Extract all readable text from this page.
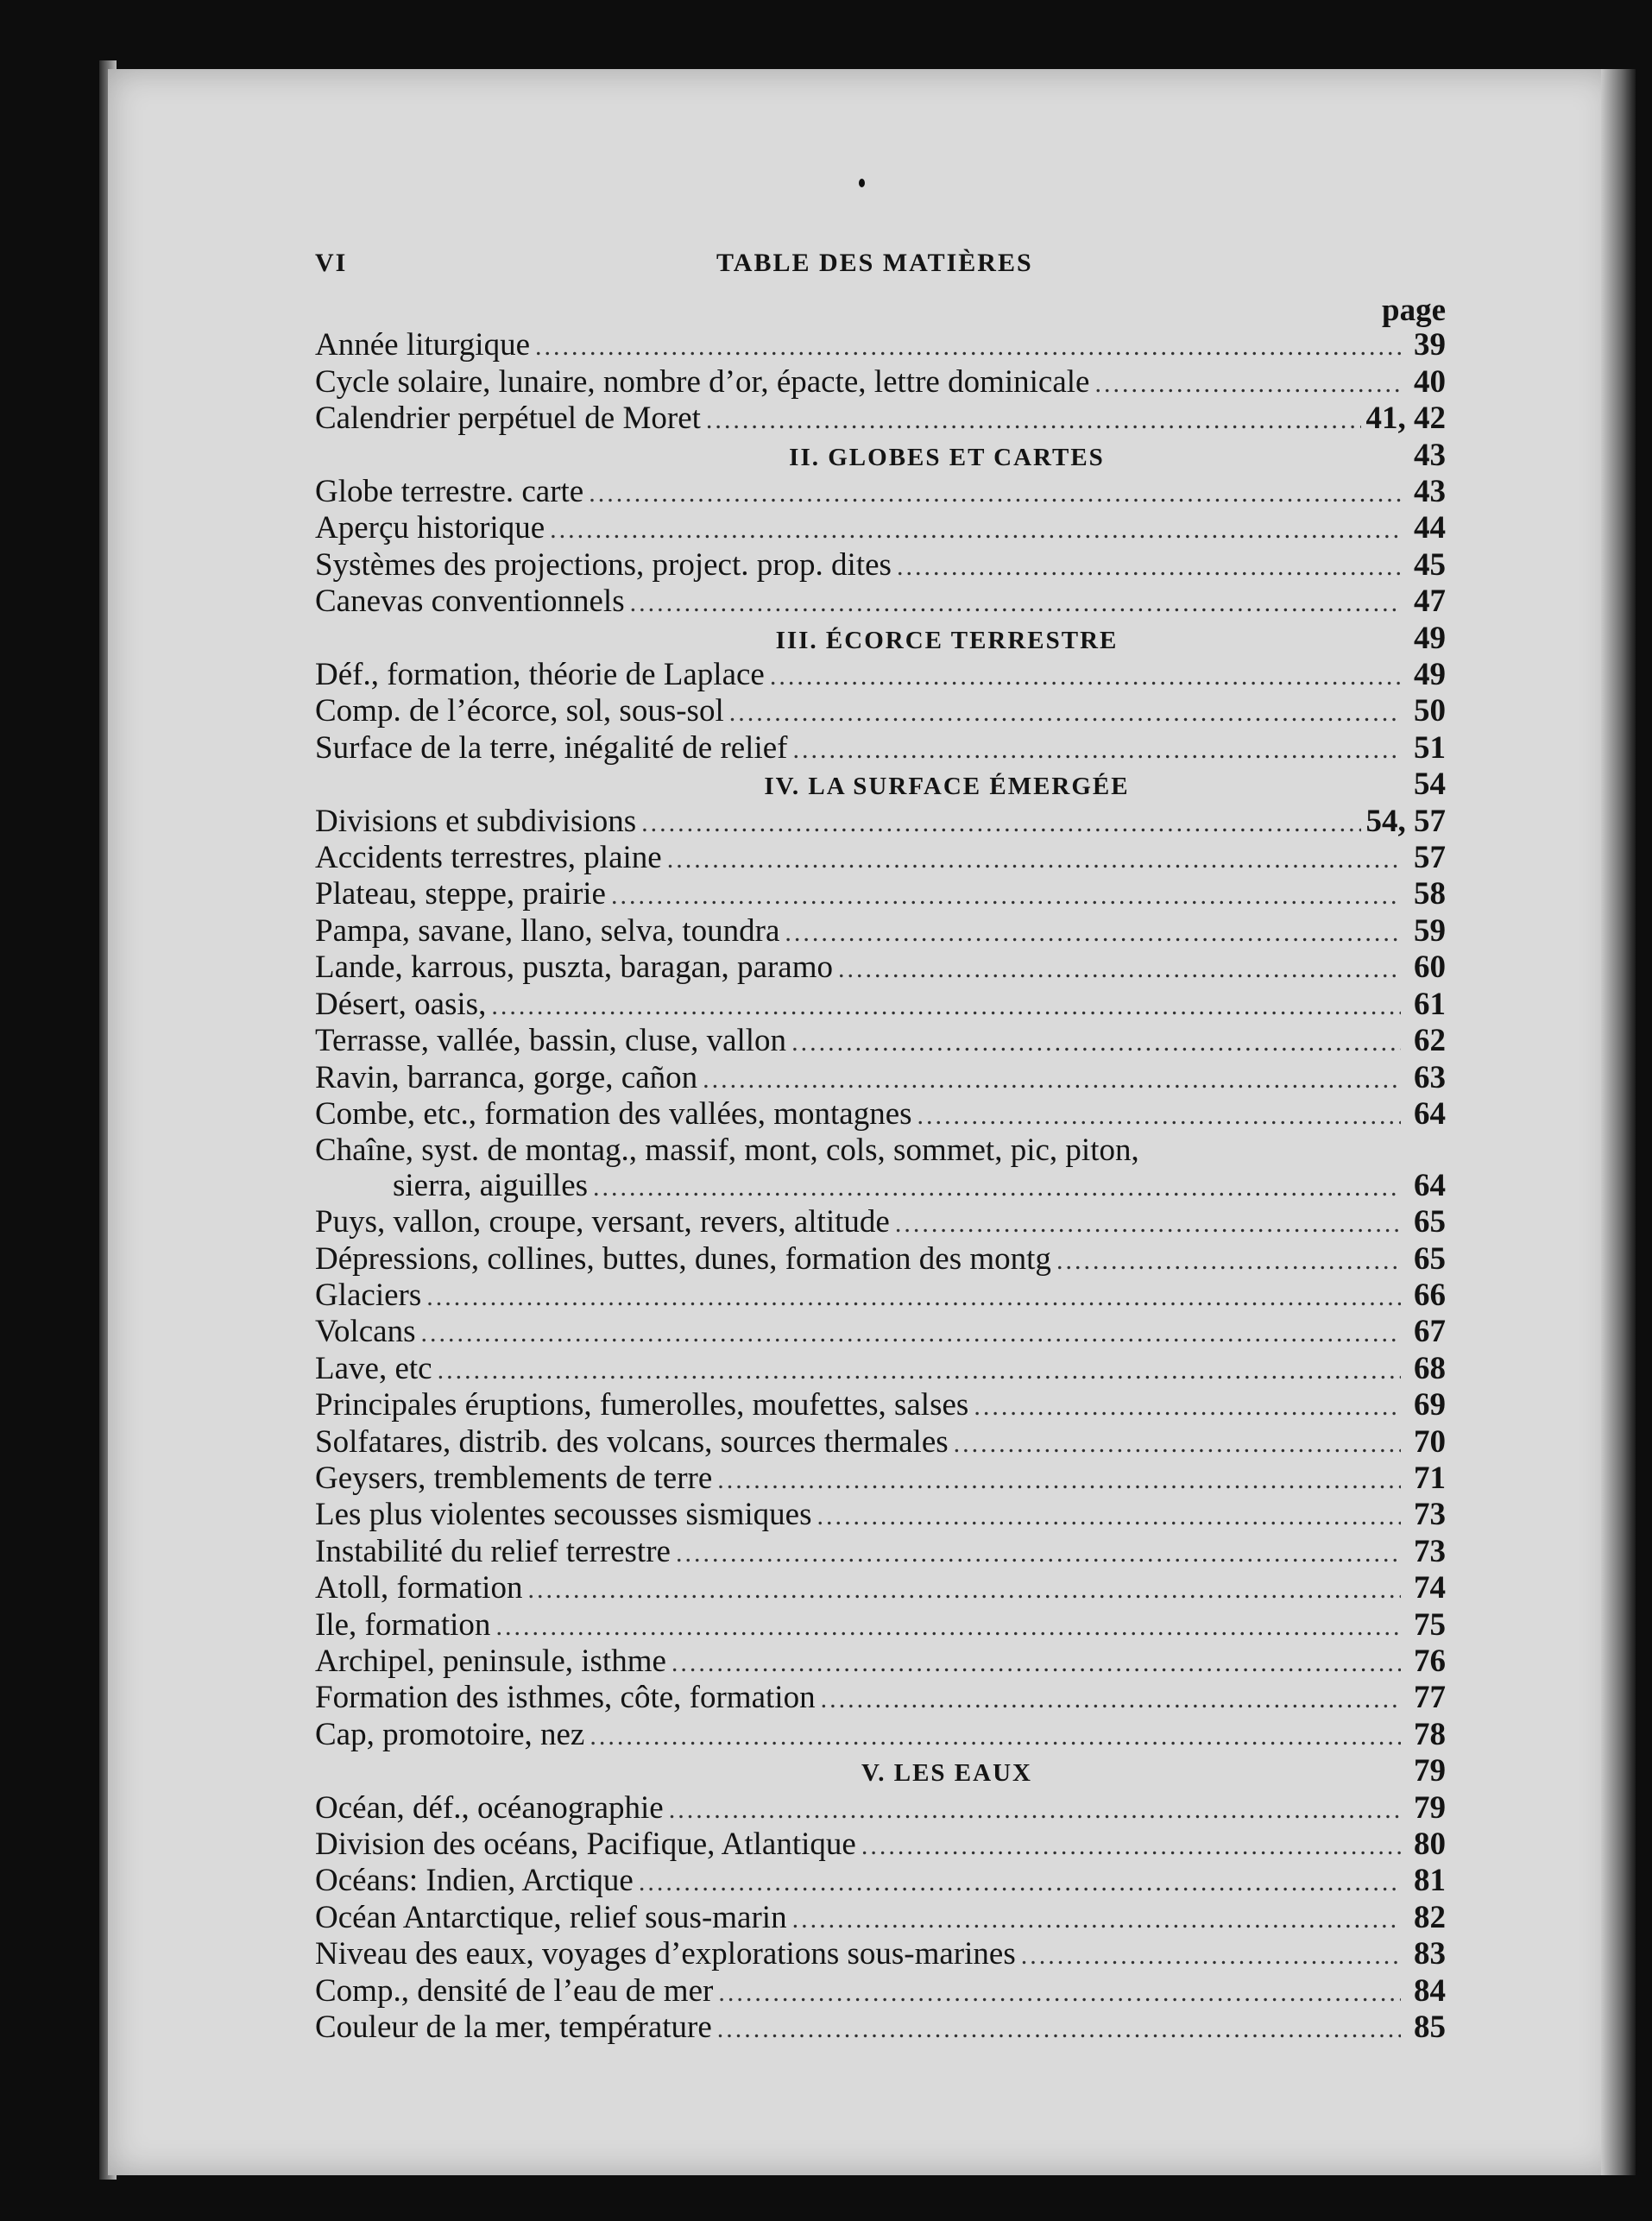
VI	TABLE DES MATIÈRES
page
Année liturgique .....	39
Cycle solaire, lunaire, nombre d’or, épacte, lettre dominicale .....	40
Calendrier perpétuel de Moret .....	41, 42
II. GLOBES ET CARTES	43
Globe terrestre. carte .....	43
Aperçu historique .....	44
Systèmes des projections, project. prop. dites .....	45
Canevas conventionnels .....	47
III. ÉCORCE TERRESTRE	49
Déf., formation, théorie de Laplace .....	49
Comp. de l’écorce, sol, sous-sol .....	50
Surface de la terre, inégalité de relief .....	51
IV. LA SURFACE ÉMERGÉE	54
Divisions et subdivisions .....	54, 57
Accidents terrestres, plaine .....	57
Plateau, steppe, prairie .....	58
Pampa, savane, llano, selva, toundra .....	59
Lande, karrous, puszta, baragan, paramo .....	60
Désert, oasis, .....	61
Terrasse, vallée, bassin, cluse, vallon .....	62
Ravin, barranca, gorge, cañon .....	63
Combe, etc., formation des vallées, montagnes .....	64
Chaîne, syst. de montag., massif, mont, cols, sommet, pic, piton,
sierra, aiguilles .....	64
Puys, vallon, croupe, versant, revers, altitude .....	65
Dépressions, collines, buttes, dunes, formation des montg .....	65
Glaciers .....	66
Volcans .....	67
Lave, etc .....	68
Principales éruptions, fumerolles, moufettes, salses .....	69
Solfatares, distrib. des volcans, sources thermales .....	70
Geysers, tremblements de terre .....	71
Les plus violentes secousses sismiques .....	73
Instabilité du relief terrestre .....	73
Atoll, formation .....	74
Ile, formation .....	75
Archipel, peninsule, isthme .....	76
Formation des isthmes, côte, formation .....	77
Cap, promotoire, nez .....	78
V. LES EAUX	79
Océan, déf., océanographie .....	79
Division des océans, Pacifique, Atlantique .....	80
Océans: Indien, Arctique .....	81
Océan Antarctique, relief sous-marin .....	82
Niveau des eaux, voyages d’explorations sous-marines .....	83
Comp., densité de l’eau de mer .....	84
Couleur de la mer, température .....	85
